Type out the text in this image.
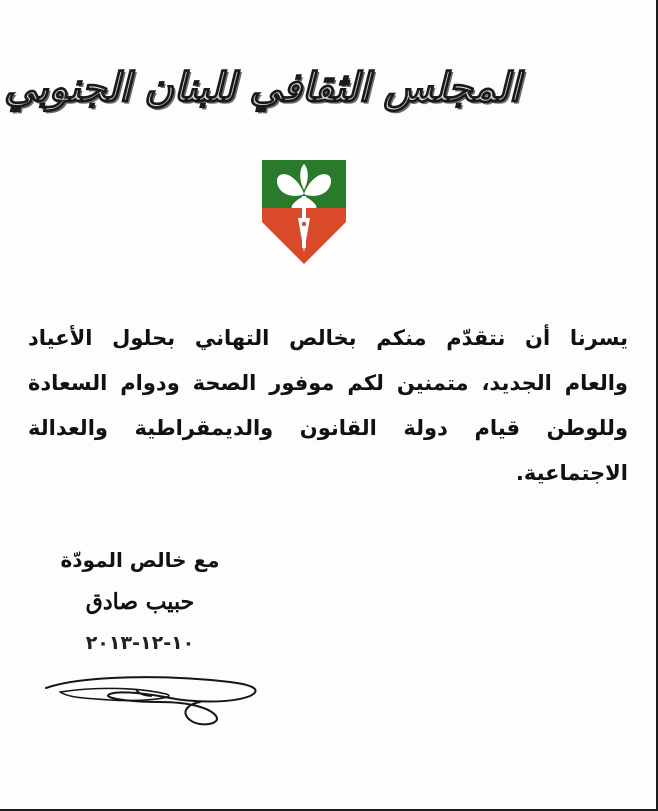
المجلس الثقافي للبنان الجنوبي
يسرنا أن نتقدّم منكم بخالص التهاني بحلول الأعياد
والعام الجديد، متمنين لكم موفور الصحة ودوام السعادة
وللوطن قيام دولة القانون والديمقراطية والعدالة الاجتماعية.
مع خالص المودّة
حبيب صادق
١٠-١٢-٢٠١٣
